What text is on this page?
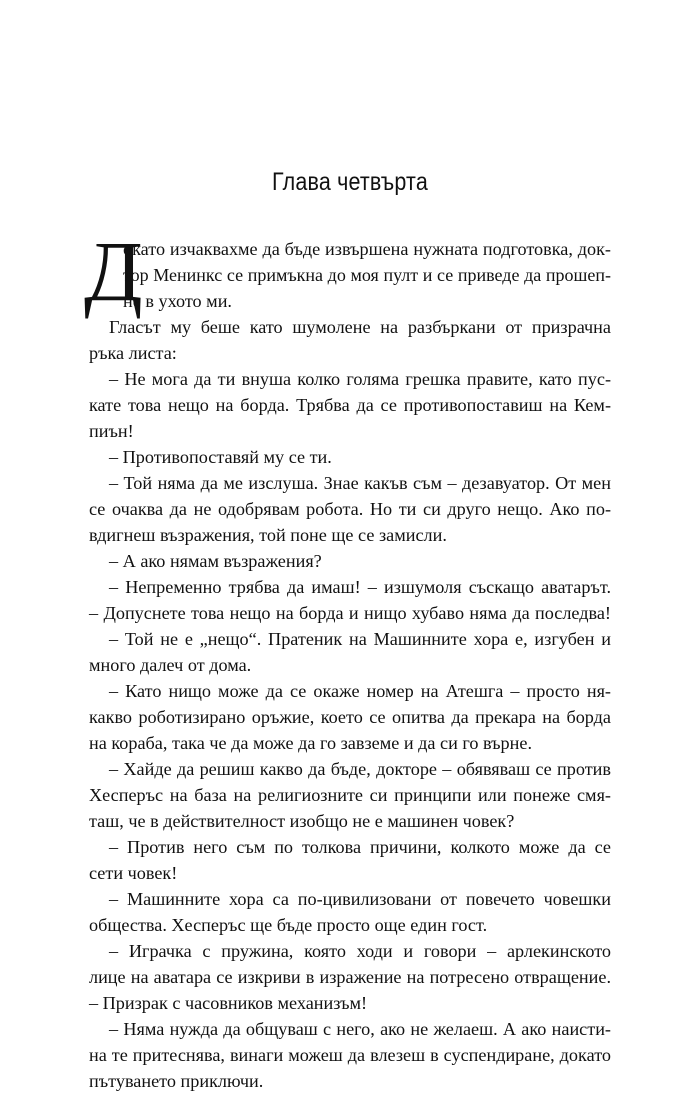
Глава четвърта
Д
окато изчаквахме да бъде извършена нужната подготовка, док-
тор Менинкс се примъкна до моя пулт и се приведе да прошеп-
не в ухото ми.
Гласът му беше като шумолене на разбъркани от призрачна
ръка листа:
– Не мога да ти внуша колко голяма грешка правите, като пус-
кате това нещо на борда. Трябва да се противопоставиш на Кем-
пиън!
– Противопоставяй му се ти.
– Той няма да ме изслуша. Знае какъв съм – дезавуатор. От мен
се очаква да не одобрявам робота. Но ти си друго нещо. Ако по-
вдигнеш възражения, той поне ще се замисли.
– А ако нямам възражения?
– Непременно трябва да имаш! – изшумоля съскащо аватарът.
– Допуснете това нещо на борда и нищо хубаво няма да последва!
– Той не е „нещо“. Пратеник на Машинните хора е, изгубен и
много далеч от дома.
– Като нищо може да се окаже номер на Атешга – просто ня-
какво роботизирано оръжие, което се опитва да прекара на борда
на кораба, така че да може да го завземе и да си го върне.
– Хайде да решиш какво да бъде, докторе – обявяваш се против
Хесперъс на база на религиозните си принципи или понеже смя-
таш, че в действителност изобщо не е машинен човек?
– Против него съм по толкова причини, колкото може да се
сети човек!
– Машинните хора са по-цивилизовани от повечето човешки
общества. Хесперъс ще бъде просто още един гост.
– Играчка с пружина, която ходи и говори – арлекинското
лице на аватара се изкриви в изражение на потресено отвращение.
– Призрак с часовников механизъм!
– Няма нужда да общуваш с него, ако не желаеш. А ако наисти-
на те притеснява, винаги можеш да влезеш в суспендиране, докато
пътуването приключи.
